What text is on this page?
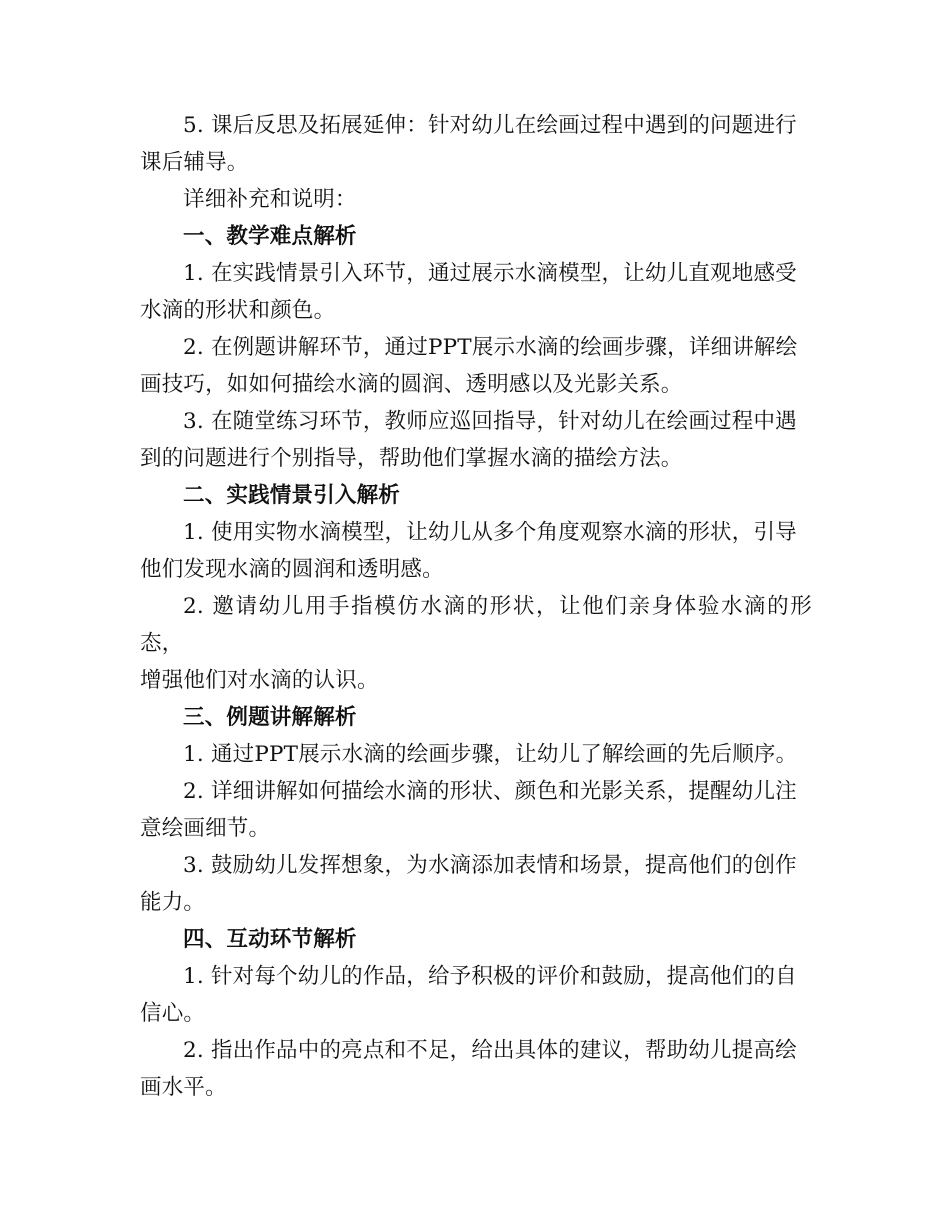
5. 课后反思及拓展延伸：针对幼儿在绘画过程中遇到的问题进行
课后辅导。

详细补充和说明：

一、教学难点解析

1. 在实践情景引入环节，通过展示水滴模型，让幼儿直观地感受
水滴的形状和颜色。

2. 在例题讲解环节，通过PPT展示水滴的绘画步骤，详细讲解绘
画技巧，如如何描绘水滴的圆润、透明感以及光影关系。

3. 在随堂练习环节，教师应巡回指导，针对幼儿在绘画过程中遇
到的问题进行个别指导，帮助他们掌握水滴的描绘方法。

二、实践情景引入解析

1. 使用实物水滴模型，让幼儿从多个角度观察水滴的形状，引导
他们发现水滴的圆润和透明感。

2. 邀请幼儿用手指模仿水滴的形状，让他们亲身体验水滴的形态，
增强他们对水滴的认识。

三、例题讲解解析

1. 通过PPT展示水滴的绘画步骤，让幼儿了解绘画的先后顺序。

2. 详细讲解如何描绘水滴的形状、颜色和光影关系，提醒幼儿注
意绘画细节。

3. 鼓励幼儿发挥想象，为水滴添加表情和场景，提高他们的创作
能力。

四、互动环节解析

1. 针对每个幼儿的作品，给予积极的评价和鼓励，提高他们的自
信心。

2. 指出作品中的亮点和不足，给出具体的建议，帮助幼儿提高绘
画水平。
